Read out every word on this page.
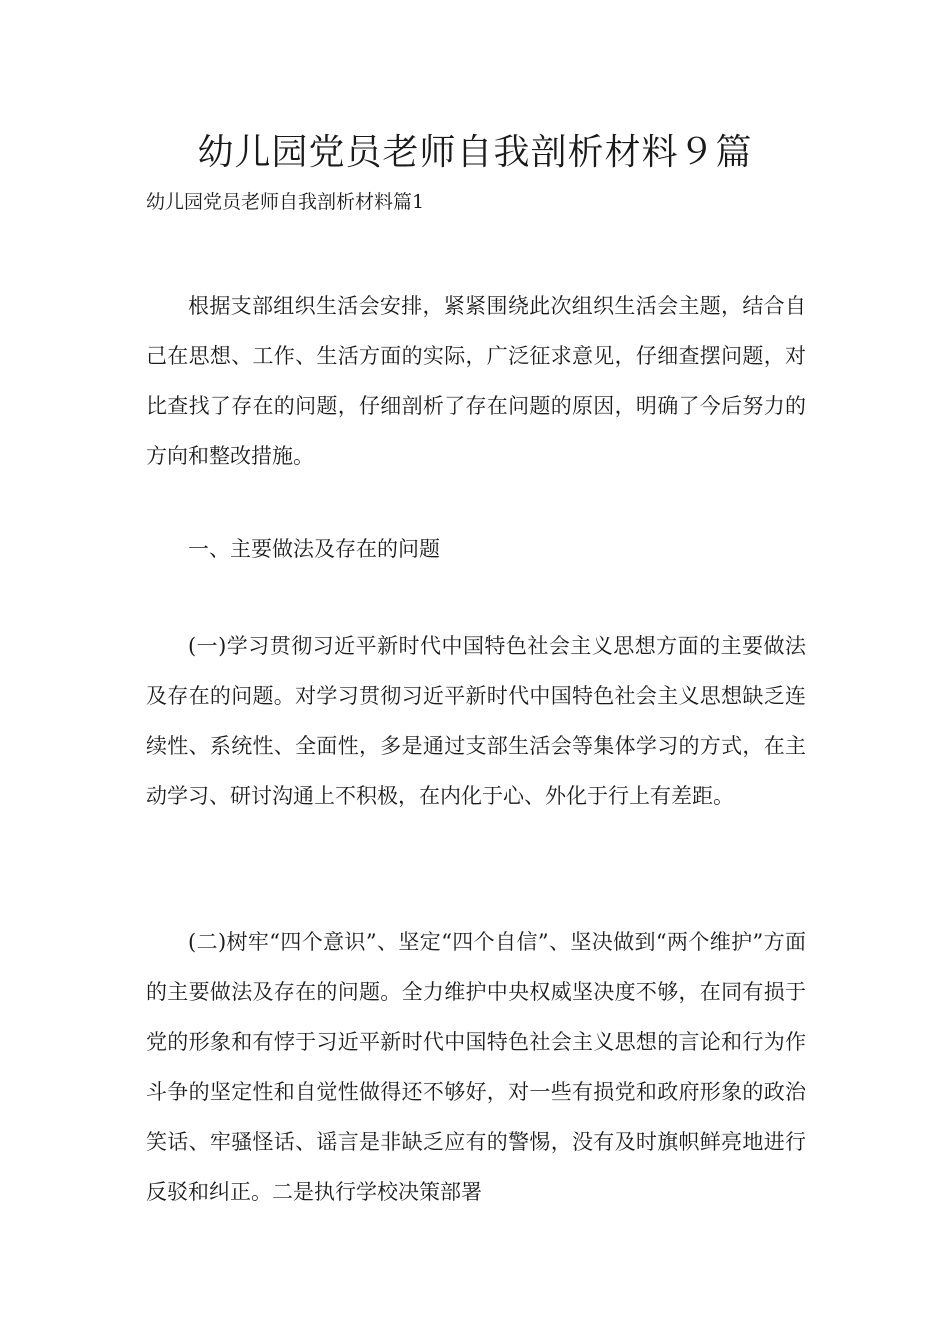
幼儿园党员老师自我剖析材料９篇

幼儿园党员老师自我剖析材料篇1

根据支部组织生活会安排，紧紧围绕此次组织生活会主题，结合自己在思想、工作、生活方面的实际，广泛征求意见，仔细查摆问题，对比查找了存在的问题，仔细剖析了存在问题的原因，明确了今后努力的方向和整改措施。

一、主要做法及存在的问题

(一)学习贯彻习近平新时代中国特色社会主义思想方面的主要做法及存在的问题。对学习贯彻习近平新时代中国特色社会主义思想缺乏连续性、系统性、全面性，多是通过支部生活会等集体学习的方式，在主动学习、研讨沟通上不积极，在内化于心、外化于行上有差距。

(二)树牢“四个意识”、坚定“四个自信”、坚决做到“两个维护”方面的主要做法及存在的问题。全力维护中央权威坚决度不够，在同有损于党的形象和有悖于习近平新时代中国特色社会主义思想的言论和行为作斗争的坚定性和自觉性做得还不够好，对一些有损党和政府形象的政治笑话、牢骚怪话、谣言是非缺乏应有的警惕，没有及时旗帜鲜亮地进行反驳和纠正。二是执行学校决策部署
